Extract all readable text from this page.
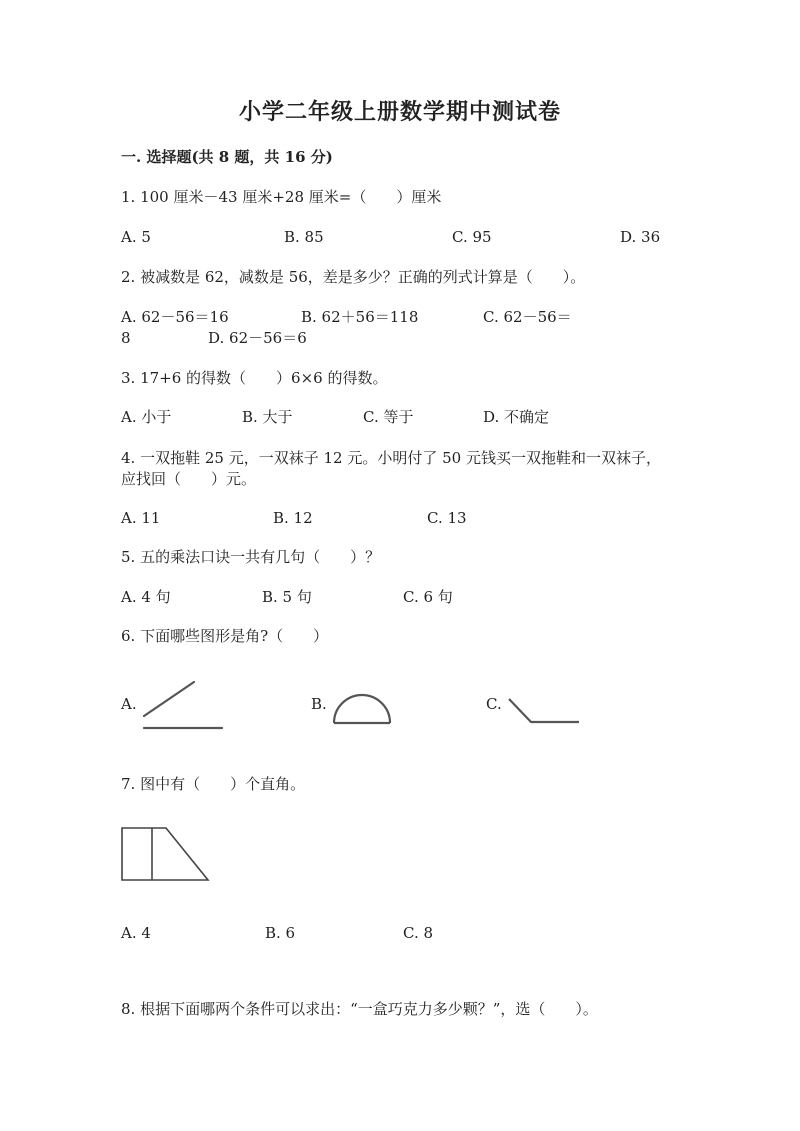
小学二年级上册数学期中测试卷
一. 选择题(共 8 题，共 16 分)
1. 100 厘米－43 厘米+28 厘米=（　　）厘米
A. 5	B. 85	C. 95	D. 36
2. 被减数是 62，减数是 56，差是多少？正确的列式计算是（　　）。
A. 62－56＝16	B. 62＋56＝118	C. 62－56＝
8	D. 62－56＝6
3. 17+6 的得数（　　）6×6 的得数。
A. 小于	B. 大于	C. 等于	D. 不确定
4. 一双拖鞋 25 元，一双袜子 12 元。小明付了 50 元钱买一双拖鞋和一双袜子，
应找回（　　）元。
A. 11	B. 12	C. 13
5. 五的乘法口诀一共有几句（　　）？
A. 4 句	B. 5 句	C. 6 句
6. 下面哪些图形是角?（　　）
A.	B.	C.
7. 图中有（　　）个直角。
A. 4	B. 6	C. 8
8. 根据下面哪两个条件可以求出：“一盒巧克力多少颗？”，选（　　）。
